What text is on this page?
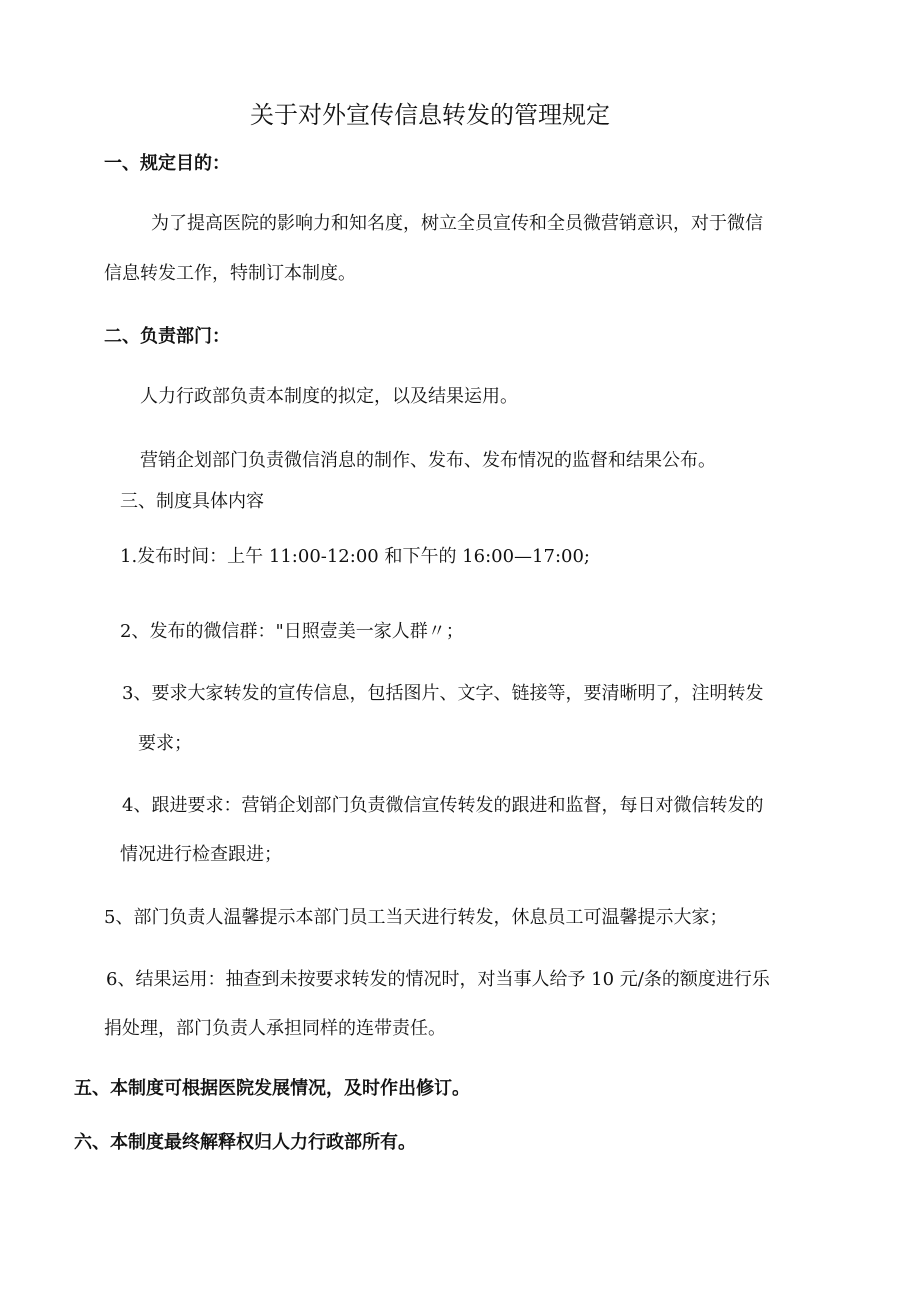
关于对外宣传信息转发的管理规定
一、规定目的：
为了提高医院的影响力和知名度，树立全员宣传和全员微营销意识，对于微信
信息转发工作，特制订本制度。
二、负责部门：
人力行政部负责本制度的拟定，以及结果运用。
营销企划部门负责微信消息的制作、发布、发布情况的监督和结果公布。
三、制度具体内容
1.发布时间：上午 11:00-12:00 和下午的 16:00—17:00;
2、发布的微信群："日照壹美一家人群〃；
3、要求大家转发的宣传信息，包括图片、文字、链接等，要清晰明了，注明转发
要求；
4、跟进要求：营销企划部门负责微信宣传转发的跟进和监督，每日对微信转发的
情况进行检查跟进；
5、部门负责人温馨提示本部门员工当天进行转发，休息员工可温馨提示大家；
6、结果运用：抽查到未按要求转发的情况时，对当事人给予 10 元/条的额度进行乐
捐处理，部门负责人承担同样的连带责任。
五、本制度可根据医院发展情况，及时作出修订。
六、本制度最终解释权归人力行政部所有。
